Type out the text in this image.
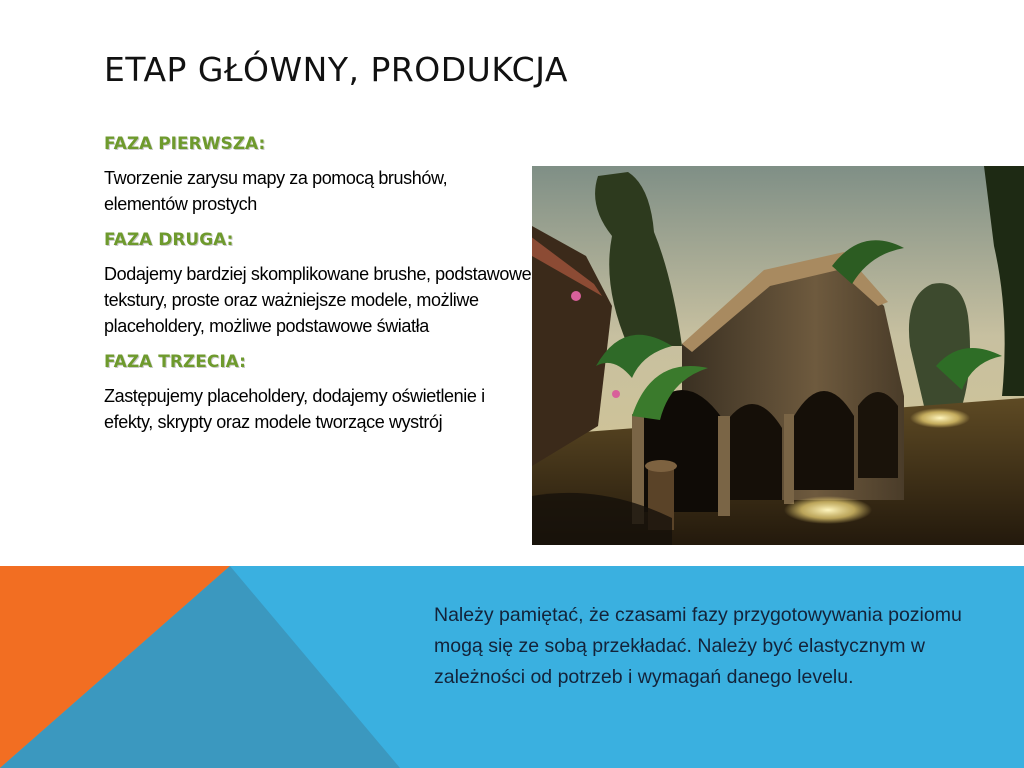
ETAP GŁÓWNY, PRODUKCJA
FAZA PIERWSZA:

Tworzenie zarysu mapy za pomocą brushów, elementów prostych

FAZA DRUGA:

Dodajemy bardziej skomplikowane brushe, podstawowe tekstury, proste oraz ważniejsze modele, możliwe placeholdery, możliwe podstawowe światła

FAZA TRZECIA:

Zastępujemy placeholdery, dodajemy oświetlenie i efekty, skrypty oraz modele tworzące wystrój

Należy pamiętać, że czasami fazy przygotowywania poziomu mogą się ze sobą przekładać. Należy być elastycznym w zależności od potrzeb i wymagań danego levelu.
